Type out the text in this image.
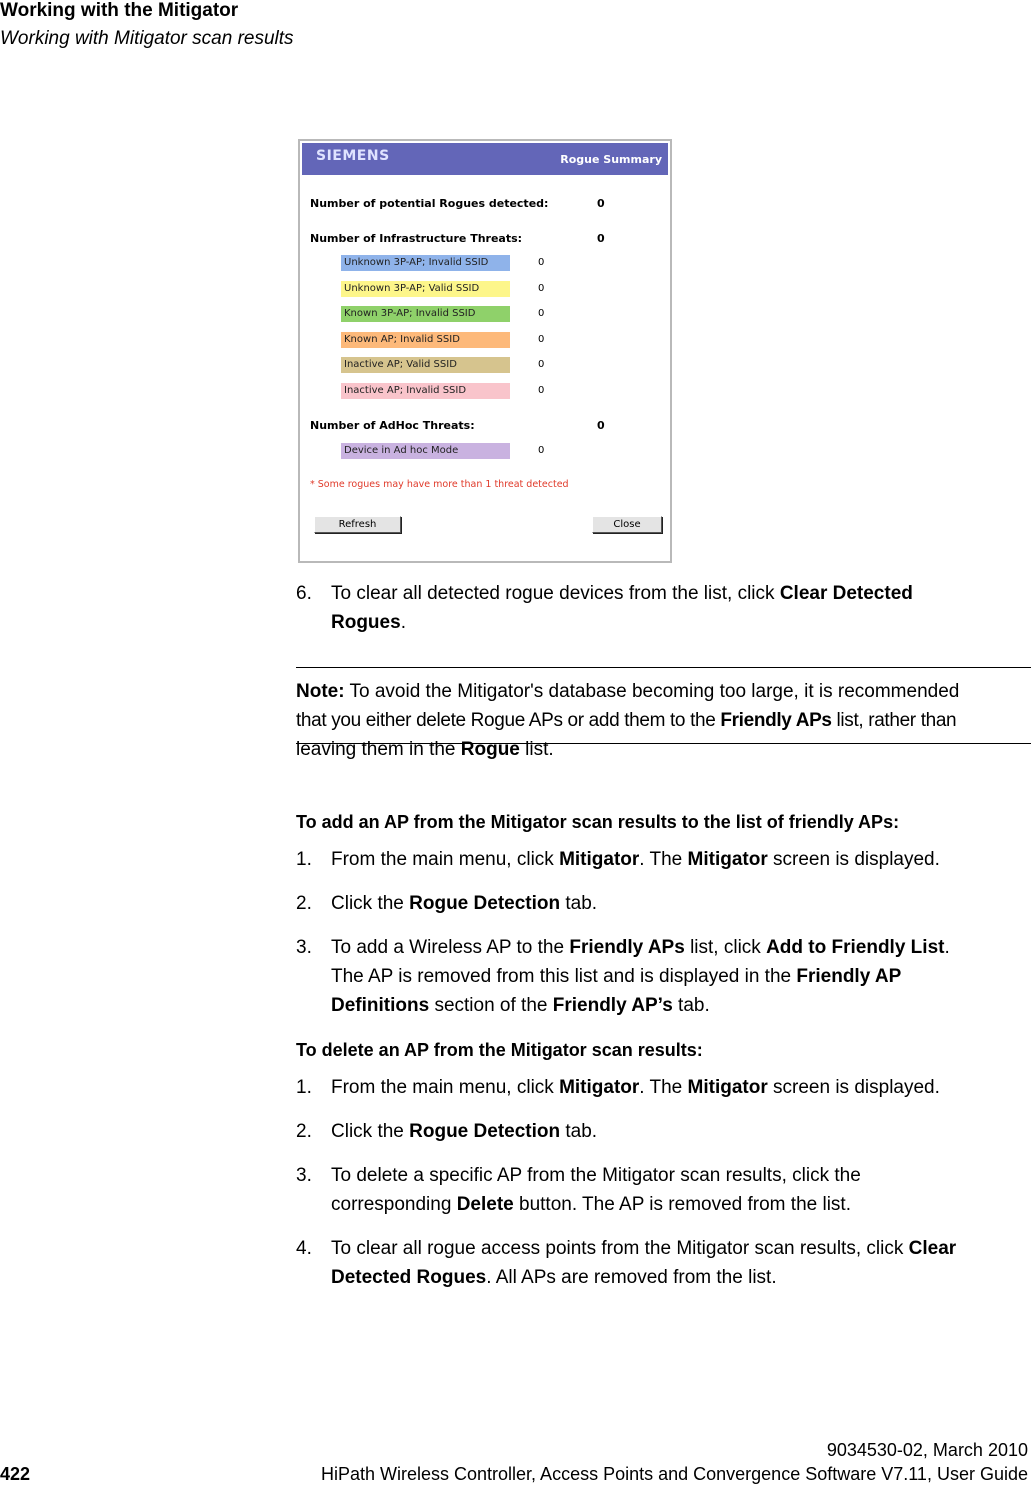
Working with the Mitigator
Working with Mitigator scan results
SIEMENS	Rogue Summary
Number of potential Rogues detected:	0
Number of Infrastructure Threats:	0
Unknown 3P-AP; Invalid SSID	0
Unknown 3P-AP; Valid SSID	0
Known 3P-AP; Invalid SSID	0
Known AP; Invalid SSID	0
Inactive AP; Valid SSID	0
Inactive AP; Invalid SSID	0
Number of AdHoc Threats:	0
Device in Ad hoc Mode	0
* Some rogues may have more than 1 threat detected
Refresh	Close
6. To clear all detected rogue devices from the list, click Clear Detected
Rogues.
Note: To avoid the Mitigator's database becoming too large, it is recommended
that you either delete Rogue APs or add them to the Friendly APs list, rather than
leaving them in the Rogue list.
To add an AP from the Mitigator scan results to the list of friendly APs:
1. From the main menu, click Mitigator. The Mitigator screen is displayed.
2. Click the Rogue Detection tab.
3. To add a Wireless AP to the Friendly APs list, click Add to Friendly List.
The AP is removed from this list and is displayed in the Friendly AP
Definitions section of the Friendly AP’s tab.
To delete an AP from the Mitigator scan results:
1. From the main menu, click Mitigator. The Mitigator screen is displayed.
2. Click the Rogue Detection tab.
3. To delete a specific AP from the Mitigator scan results, click the
corresponding Delete button. The AP is removed from the list.
4. To clear all rogue access points from the Mitigator scan results, click Clear
Detected Rogues. All APs are removed from the list.
9034530-02, March 2010
422	HiPath Wireless Controller, Access Points and Convergence Software V7.11, User Guide
